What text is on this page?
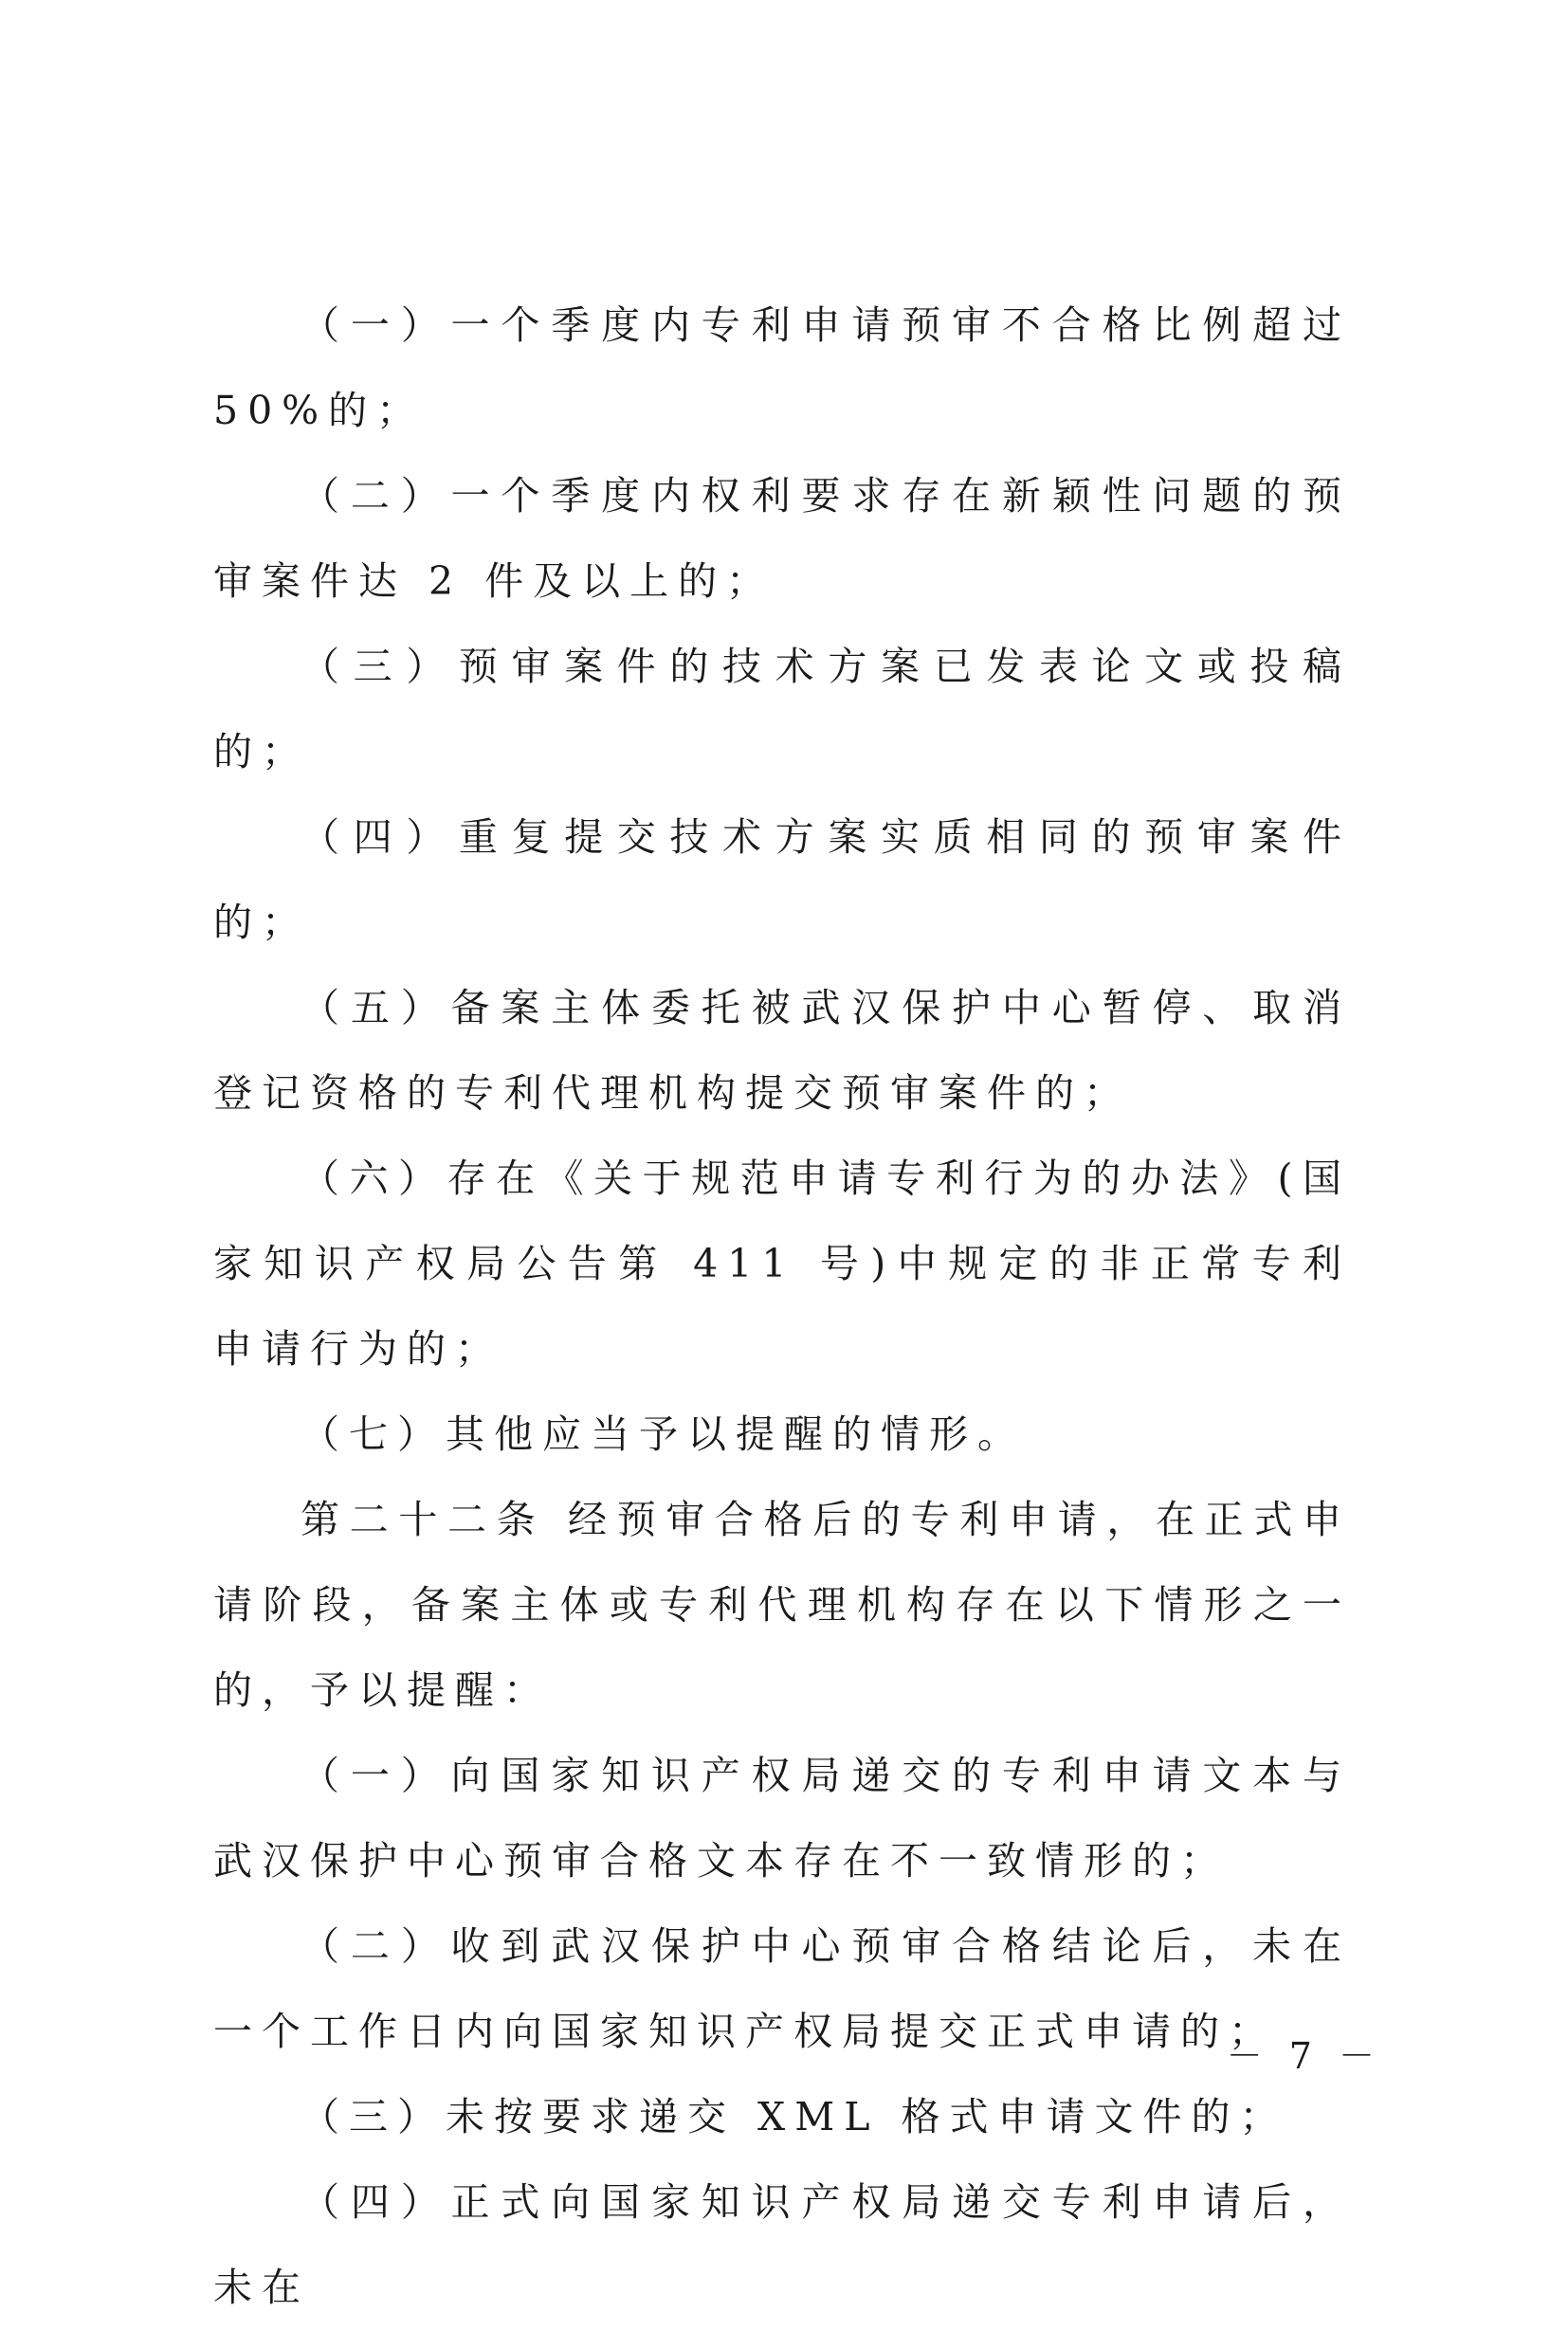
（一）一个季度内专利申请预审不合格比例超过 50%的；

（二）一个季度内权利要求存在新颖性问题的预审案件达 2 件及以上的；

（三）预审案件的技术方案已发表论文或投稿的；

（四）重复提交技术方案实质相同的预审案件的；

（五）备案主体委托被武汉保护中心暂停、取消登记资格的专利代理机构提交预审案件的；

（六）存在《关于规范申请专利行为的办法》(国家知识产权局公告第 411 号)中规定的非正常专利申请行为的；

（七）其他应当予以提醒的情形。

第二十二条 经预审合格后的专利申请，在正式申请阶段，备案主体或专利代理机构存在以下情形之一的，予以提醒：

（一）向国家知识产权局递交的专利申请文本与武汉保护中心预审合格文本存在不一致情形的；

（二）收到武汉保护中心预审合格结论后，未在一个工作日内向国家知识产权局提交正式申请的；

（三）未按要求递交 XML 格式申请文件的；

（四）正式向国家知识产权局递交专利申请后，未在

－ 7 －
